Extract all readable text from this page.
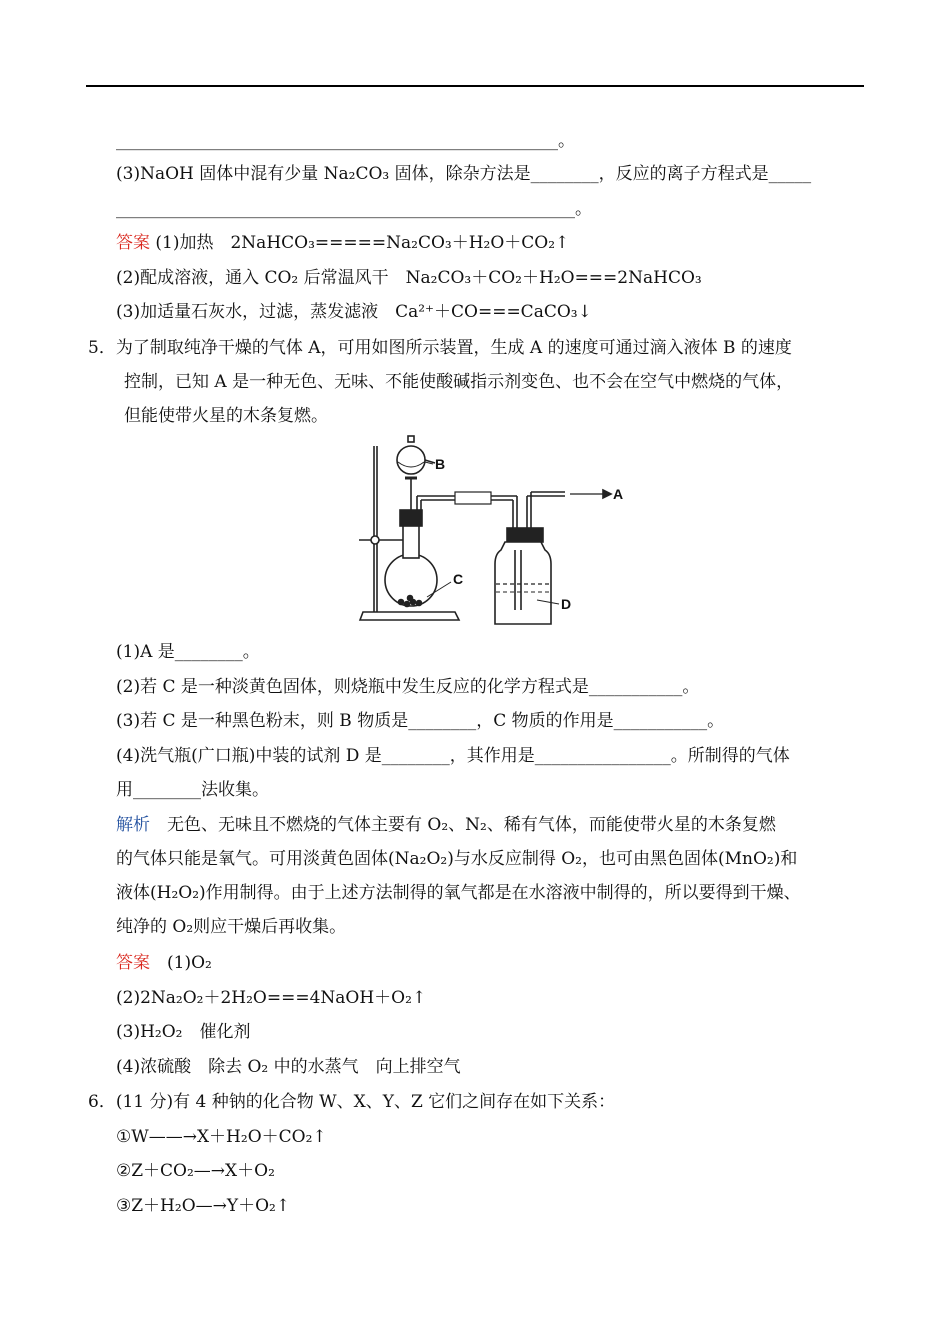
____________________________________________________。
(3)NaOH 固体中混有少量 Na₂CO₃ 固体，除杂方法是________，反应的离子方程式是_____
______________________________________________________。
答案 (1)加热　2NaHCO₃=====Na₂CO₃＋H₂O＋CO₂↑
(2)配成溶液，通入 CO₂ 后常温风干　Na₂CO₃＋CO₂＋H₂O===2NaHCO₃
(3)加适量石灰水，过滤，蒸发滤液　Ca²⁺＋CO===CaCO₃↓
5．为了制取纯净干燥的气体 A，可用如图所示装置，生成 A 的速度可通过滴入液体 B 的速度
控制，已知 A 是一种无色、无味、不能使酸碱指示剂变色、也不会在空气中燃烧的气体，
但能使带火星的木条复燃。
B
A
C
D
(1)A 是________。
(2)若 C 是一种淡黄色固体，则烧瓶中发生反应的化学方程式是___________。
(3)若 C 是一种黑色粉末，则 B 物质是________，C 物质的作用是___________。
(4)洗气瓶(广口瓶)中装的试剂 D 是________，其作用是________________。所制得的气体
用________法收集。
解析　无色、无味且不燃烧的气体主要有 O₂、N₂、稀有气体，而能使带火星的木条复燃
的气体只能是氧气。可用淡黄色固体(Na₂O₂)与水反应制得 O₂，也可由黑色固体(MnO₂)和
液体(H₂O₂)作用制得。由于上述方法制得的氧气都是在水溶液中制得的，所以要得到干燥、
纯净的 O₂则应干燥后再收集。
答案　(1)O₂
(2)2Na₂O₂＋2H₂O===4NaOH＋O₂↑
(3)H₂O₂　催化剂
(4)浓硫酸　除去 O₂ 中的水蒸气　向上排空气
6．(11 分)有 4 种钠的化合物 W、X、Y、Z 它们之间存在如下关系：
①W——→X＋H₂O＋CO₂↑
②Z＋CO₂—→X＋O₂
③Z＋H₂O—→Y＋O₂↑
